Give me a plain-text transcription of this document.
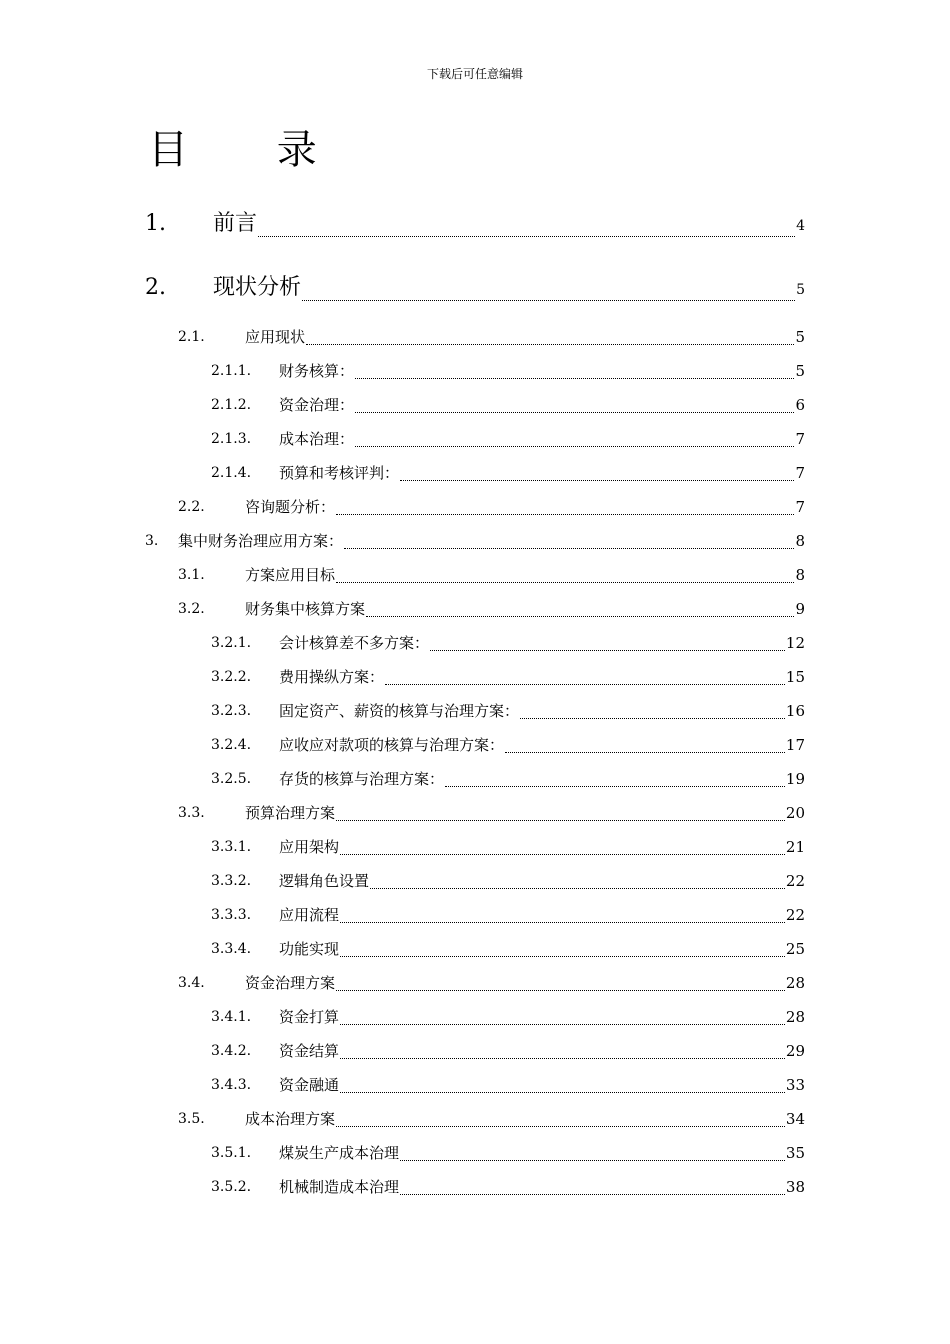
下载后可任意编辑
目 录
1. 前言	4
2. 现状分析	5
2.1.	应用现状	5
2.1.1. 财务核算：	5
2.1.2. 资金治理：	6
2.1.3. 成本治理：	7
2.1.4. 预算和考核评判：	7
2.2.	咨询题分析：	7
3. 集中财务治理应用方案：	8
3.1.	方案应用目标	8
3.2.	财务集中核算方案	9
3.2.1. 会计核算差不多方案：	12
3.2.2. 费用操纵方案：	15
3.2.3. 固定资产、薪资的核算与治理方案：	16
3.2.4. 应收应对款项的核算与治理方案：	17
3.2.5. 存货的核算与治理方案：	19
3.3.	预算治理方案	20
3.3.1. 应用架构	21
3.3.2. 逻辑角色设置	22
3.3.3. 应用流程	22
3.3.4. 功能实现	25
3.4.	资金治理方案	28
3.4.1. 资金打算	28
3.4.2. 资金结算	29
3.4.3. 资金融通	33
3.5.	成本治理方案	34
3.5.1. 煤炭生产成本治理	35
3.5.2. 机械制造成本治理	38
